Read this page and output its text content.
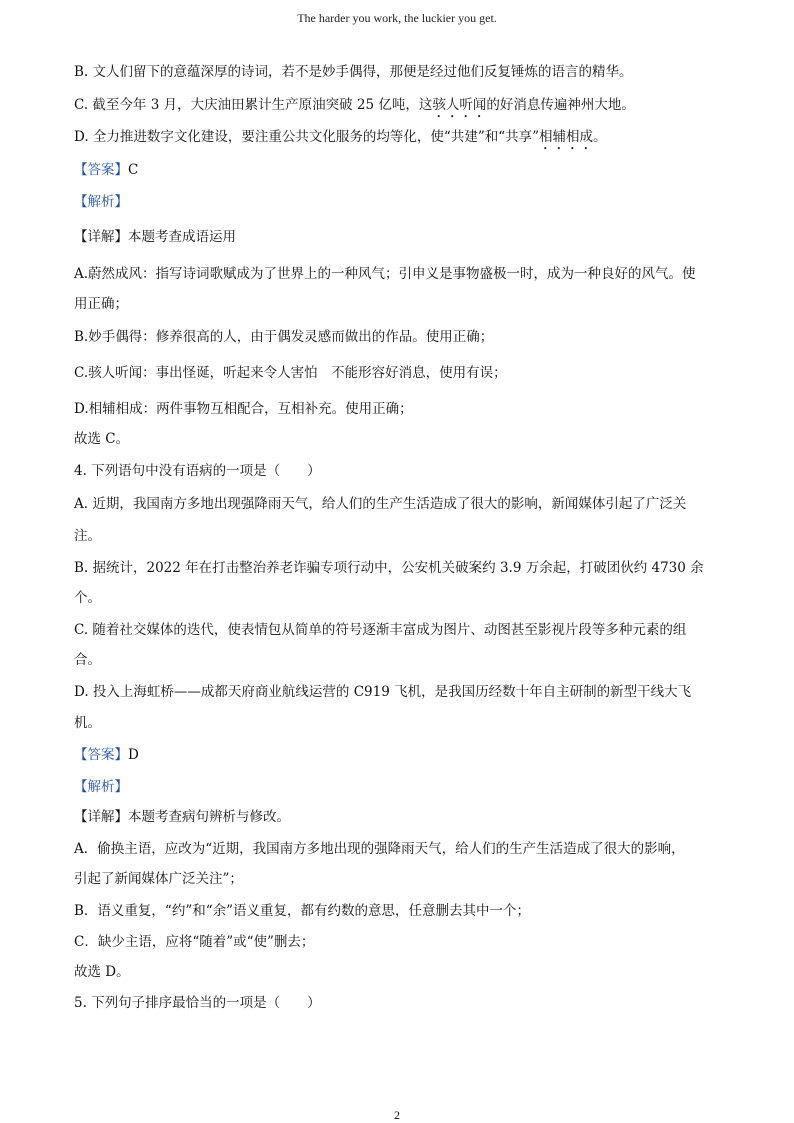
The harder you work, the luckier you get.
B. 文人们留下的意蕴深厚的诗词，若不是妙手偶得，那便是经过他们反复锤炼的语言的精华。
C. 截至今年 3 月，大庆油田累计生产原油突破 25 亿吨，这骇人听闻的好消息传遍神州大地。
D. 全力推进数字文化建设，要注重公共文化服务的均等化，使“共建”和“共享”相辅相成。
【答案】C
【解析】
【详解】本题考查成语运用
A.蔚然成风：指写诗词歌赋成为了世界上的一种风气；引申义是事物盛极一时，成为一种良好的风气。使
用正确；
B.妙手偶得：修养很高的人，由于偶发灵感而做出的作品。使用正确；
C.骇人听闻：事出怪诞，听起来令人害怕　不能形容好消息，使用有误；
D.相辅相成：两件事物互相配合，互相补充。使用正确；
故选 C。
4. 下列语句中没有语病的一项是（　　）
A. 近期，我国南方多地出现强降雨天气，给人们的生产生活造成了很大的影响，新闻媒体引起了广泛关
注。
B. 据统计，2022 年在打击整治养老诈骗专项行动中，公安机关破案约 3.9 万余起，打破团伙约 4730 余
个。
C. 随着社交媒体的迭代，使表情包从简单的符号逐渐丰富成为图片、动图甚至影视片段等多种元素的组
合。
D. 投入上海虹桥——成都天府商业航线运营的 C919 飞机，是我国历经数十年自主研制的新型干线大飞
机。
【答案】D
【解析】
【详解】本题考查病句辨析与修改。
A．偷换主语，应改为“近期，我国南方多地出现的强降雨天气，给人们的生产生活造成了很大的影响，
引起了新闻媒体广泛关注”；
B．语义重复，“约”和“余”语义重复，都有约数的意思，任意删去其中一个；
C．缺少主语，应将“随着”或“使”删去；
故选 D。
5. 下列句子排序最恰当的一项是（　　）
2
